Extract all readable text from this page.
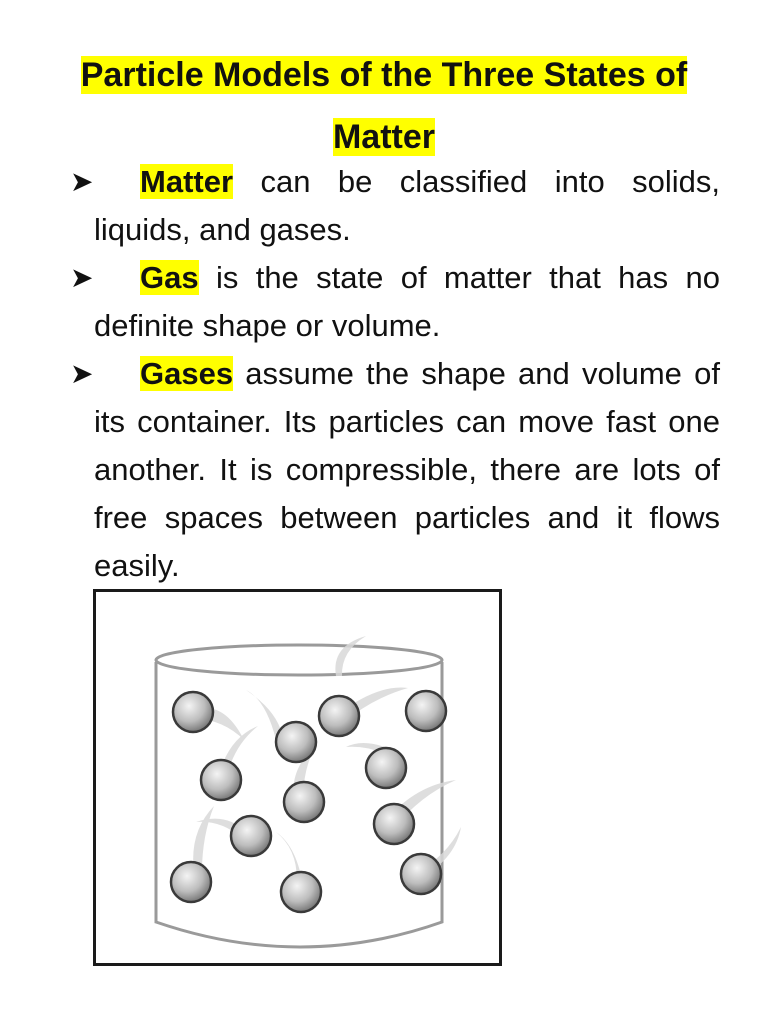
Particle Models of the Three States of
Matter
➤ Matter can be classified into solids, liquids, and gases.
➤ Gas is the state of matter that has no definite shape or volume.
➤ Gases assume the shape and volume of its container. Its particles can move fast one another. It is compressible, there are lots of free spaces between particles and it flows easily.
